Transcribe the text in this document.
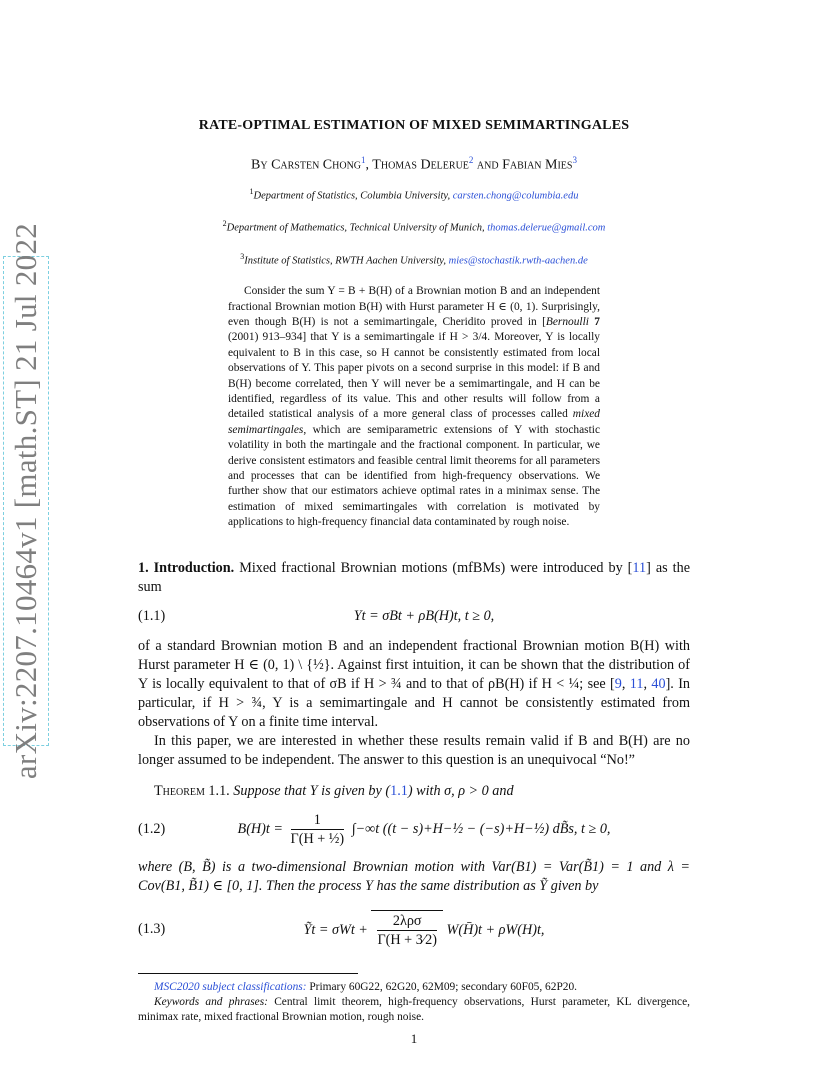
arXiv:2207.10464v1 [math.ST] 21 Jul 2022
RATE-OPTIMAL ESTIMATION OF MIXED SEMIMARTINGALES
By Carsten Chong$^1$, Thomas Delerue$^2$ and Fabian Mies$^3$
$^1$Department of Statistics, Columbia University, carsten.chong@columbia.edu
$^2$Department of Mathematics, Technical University of Munich, thomas.delerue@gmail.com
$^3$Institute of Statistics, RWTH Aachen University, mies@stochastik.rwth-aachen.de
Consider the sum Y = B + B(H) of a Brownian motion B and an independent fractional Brownian motion B(H) with Hurst parameter H ∈ (0, 1). Surprisingly, even though B(H) is not a semimartingale, Cheridito proved in [Bernoulli 7 (2001) 913–934] that Y is a semimartingale if H > 3/4. Moreover, Y is locally equivalent to B in this case, so H cannot be consistently estimated from local observations of Y. This paper pivots on a second surprise in this model: if B and B(H) become correlated, then Y will never be a semimartingale, and H can be identified, regardless of its value. This and other results will follow from a detailed statistical analysis of a more general class of processes called mixed semimartingales, which are semiparametric extensions of Y with stochastic volatility in both the martingale and the fractional component. In particular, we derive consistent estimators and feasible central limit theorems for all parameters and processes that can be identified from high-frequency observations. We further show that our estimators achieve optimal rates in a minimax sense. The estimation of mixed semimartingales with correlation is motivated by applications to high-frequency financial data contaminated by rough noise.
1. Introduction. Mixed fractional Brownian motions (mfBMs) were introduced by [11] as the sum
(1.1)	Yt = σBt + ρB(H)t, t ≥ 0,
of a standard Brownian motion B and an independent fractional Brownian motion B(H) with Hurst parameter H ∈ (0, 1) \ {½}. Against first intuition, it can be shown that the distribution of Y is locally equivalent to that of σB if H > ¾ and to that of ρB(H) if H < ¼; see [9, 11, 40]. In particular, if H > ¾, Y is a semimartingale and H cannot be consistently estimated from observations of Y on a finite time interval.
In this paper, we are interested in whether these results remain valid if B and B(H) are no longer assumed to be independent. The answer to this question is an unequivocal “No!”
Theorem 1.1. Suppose that Y is given by (1.1) with σ, ρ > 0 and
(1.2)	$B(H)t = \frac{1}{\text{Γ(H + ½)}} \int-\infty t$ ((t − s)+H−½ − (−s)+H−½) dB̃s, t ≥ 0,
where (B, B̃) is a two-dimensional Brownian motion with Var(B1) = Var(B̃1) = 1 and λ = Cov(B1, B̃1) ∈ [0, 1]. Then the process Y has the same distribution as Ỹ given by
(1.3)	Ỹt = σWt +
2λρσ
Γ(H + 3⁄2)
W(H̄)t + ρW(H)t,
MSC2020 subject classifications: Primary 60G22, 62G20, 62M09; secondary 60F05, 62P20.
Keywords and phrases: Central limit theorem, high-frequency observations, Hurst parameter, KL divergence, minimax rate, mixed fractional Brownian motion, rough noise.
1
